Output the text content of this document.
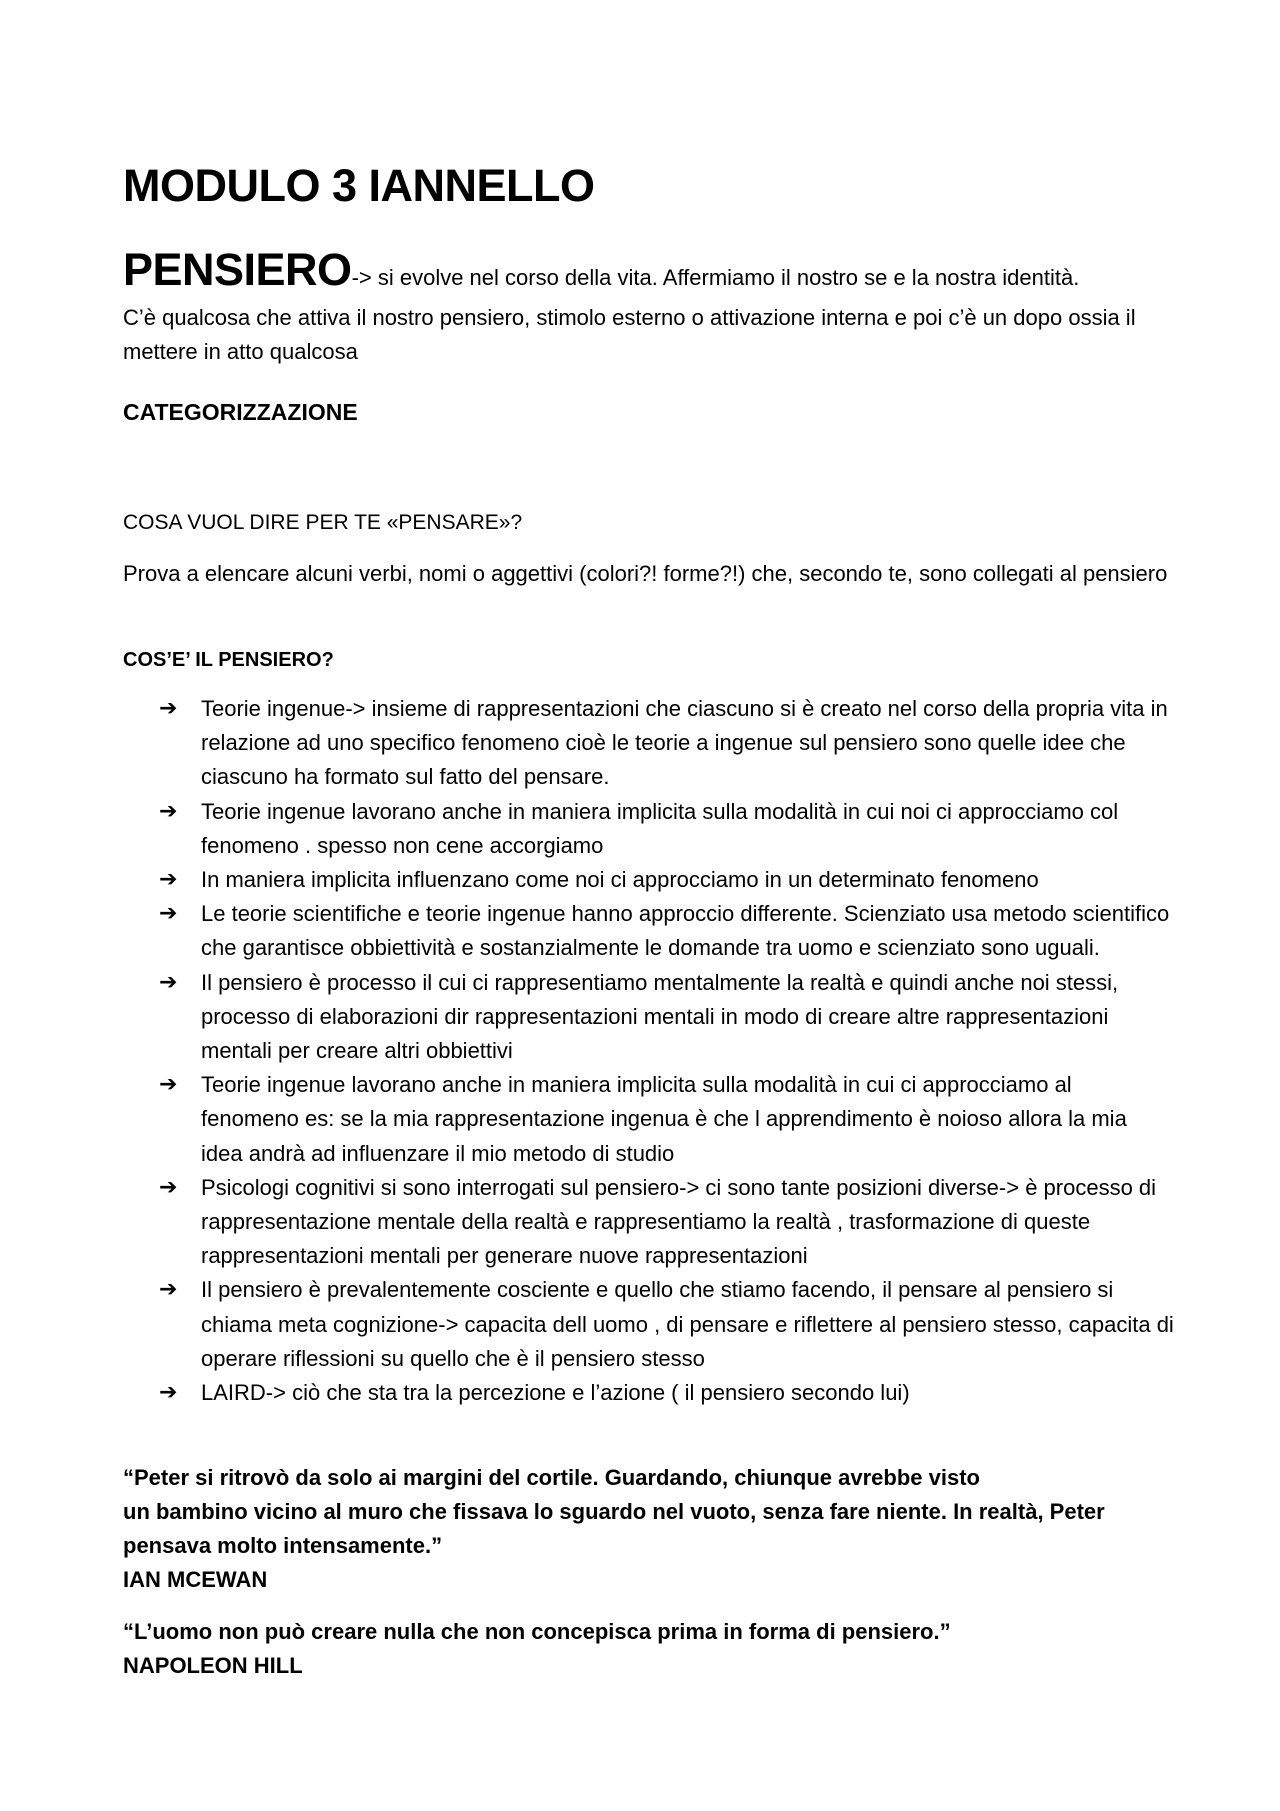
MODULO 3 IANNELLO

PENSIERO-> si evolve nel corso della vita. Affermiamo il nostro se e la nostra identità.
C’è qualcosa che attiva il nostro pensiero, stimolo esterno o attivazione interna e poi c’è un dopo ossia il mettere in atto qualcosa

CATEGORIZZAZIONE

COSA VUOL DIRE PER TE «PENSARE»?

Prova a elencare alcuni verbi, nomi o aggettivi (colori?! forme?!) che, secondo te, sono collegati al pensiero

COS’E’ IL PENSIERO?

➔ Teorie ingenue-> insieme di rappresentazioni che ciascuno si è creato nel corso della propria vita in relazione ad uno specifico fenomeno cioè le teorie a ingenue sul pensiero sono quelle idee che ciascuno ha formato sul fatto del pensare.
➔ Teorie ingenue lavorano anche in maniera implicita sulla modalità in cui noi ci approcciamo col fenomeno . spesso non cene accorgiamo
➔ In maniera implicita influenzano come noi ci approcciamo in un determinato fenomeno
➔ Le teorie scientifiche e teorie ingenue hanno approccio differente. Scienziato usa metodo scientifico che garantisce obbiettività e sostanzialmente le domande tra uomo e scienziato sono uguali.
➔ Il pensiero è processo il cui ci rappresentiamo mentalmente la realtà e quindi anche noi stessi, processo di elaborazioni dir rappresentazioni mentali in modo di creare altre rappresentazioni mentali per creare altri obbiettivi
➔ Teorie ingenue lavorano anche in maniera implicita sulla modalità in cui ci approcciamo al fenomeno es: se la mia rappresentazione ingenua è che l apprendimento è noioso allora la mia idea andrà ad influenzare il mio metodo di studio
➔ Psicologi cognitivi si sono interrogati sul pensiero-> ci sono tante posizioni diverse-> è processo di rappresentazione mentale della realtà e rappresentiamo la realtà , trasformazione di queste rappresentazioni mentali per generare nuove rappresentazioni
➔ Il pensiero è prevalentemente cosciente e quello che stiamo facendo, il pensare al pensiero si chiama meta cognizione-> capacita dell uomo , di pensare e riflettere al pensiero stesso, capacita di operare riflessioni su quello che è il pensiero stesso
➔ LAIRD-> ciò che sta tra la percezione e l’azione ( il pensiero secondo lui)

“Peter si ritrovò da solo ai margini del cortile. Guardando, chiunque avrebbe visto
un bambino vicino al muro che fissava lo sguardo nel vuoto, senza fare niente. In realtà, Peter pensava molto intensamente.”
IAN MCEWAN

“L’uomo non può creare nulla che non concepisca prima in forma di pensiero.”
NAPOLEON HILL
